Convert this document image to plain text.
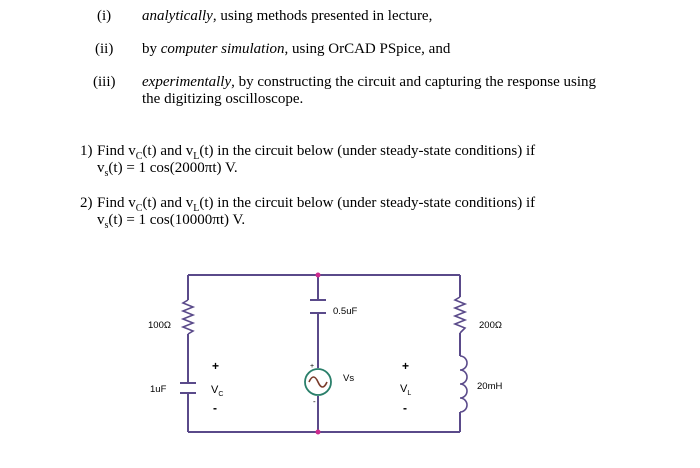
(i) analytically, using methods presented in lecture,
(ii) by computer simulation, using OrCAD PSpice, and
(iii) experimentally, by constructing the circuit and capturing the response using
the digitizing oscilloscope.
1) Find $v_C(t)$ and $v_L(t)$ in the circuit below (under steady-state conditions) if
$v_s(t) = 1$ cos(2000πt) V.
2) Find $v_C(t)$ and $v_L(t)$ in the circuit below (under steady-state conditions) if
$v_s(t) = 1$ cos(10000πt) V.
100Ω
1uF
+
$V_C$
-
0.5uF
+
Vs
-
+
$V_L$
-
200Ω
20mH
